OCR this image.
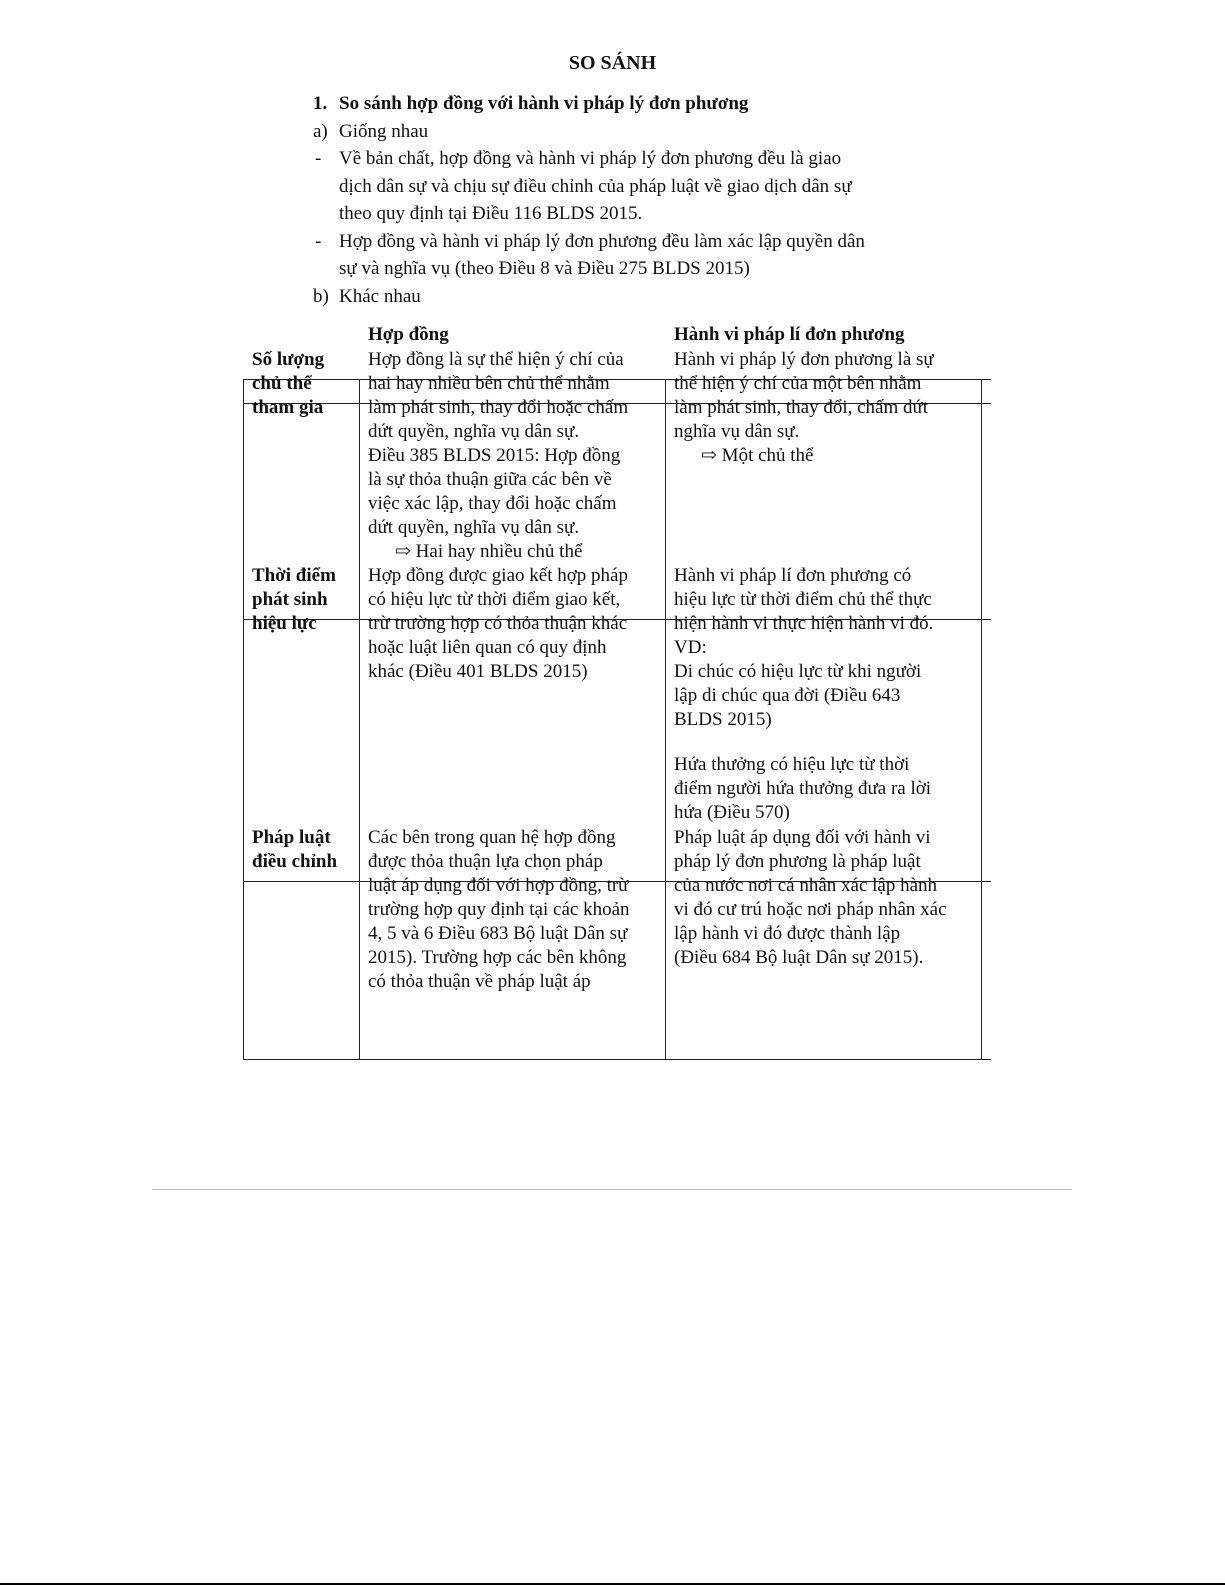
SO SÁNH
1. So sánh hợp đồng với hành vi pháp lý đơn phương
a) Giống nhau
- Về bản chất, hợp đồng và hành vi pháp lý đơn phương đều là giao
dịch dân sự và chịu sự điều chỉnh của pháp luật về giao dịch dân sự
theo quy định tại Điều 116 BLDS 2015.
- Hợp đồng và hành vi pháp lý đơn phương đều làm xác lập quyền dân
sự và nghĩa vụ (theo Điều 8 và Điều 275 BLDS 2015)
b) Khác nhau
Hợp đồng	Hành vi pháp lí đơn phương
Số lượng
chủ thể
tham gia
Hợp đồng là sự thể hiện ý chí của
hai hay nhiều bên chủ thể nhằm
làm phát sinh, thay đổi hoặc chấm
dứt quyền, nghĩa vụ dân sự.
Điều 385 BLDS 2015: Hợp đồng
là sự thỏa thuận giữa các bên về
việc xác lập, thay đổi hoặc chấm
dứt quyền, nghĩa vụ dân sự.
⇨ Hai hay nhiều chủ thể
Hành vi pháp lý đơn phương là sự
thể hiện ý chí của một bên nhằm
làm phát sinh, thay đổi, chấm dứt
nghĩa vụ dân sự.
⇨ Một chủ thể
Thời điểm
phát sinh
hiệu lực
Hợp đồng được giao kết hợp pháp
có hiệu lực từ thời điểm giao kết,
trừ trường hợp có thỏa thuận khác
hoặc luật liên quan có quy định
khác (Điều 401 BLDS 2015)
Hành vi pháp lí đơn phương có
hiệu lực từ thời điểm chủ thể thực
hiện hành vi thực hiện hành vi đó.
VD:
Di chúc có hiệu lực từ khi người
lập di chúc qua đời (Điều 643
BLDS 2015)
Hứa thưởng có hiệu lực từ thời
điểm người hứa thưởng đưa ra lời
hứa (Điều 570)
Pháp luật
điều chỉnh
Các bên trong quan hệ hợp đồng
được thỏa thuận lựa chọn pháp
luật áp dụng đối với hợp đồng, trừ
trường hợp quy định tại các khoản
4, 5 và 6 Điều 683 Bộ luật Dân sự
2015). Trường hợp các bên không
có thỏa thuận về pháp luật áp
Pháp luật áp dụng đối với hành vi
pháp lý đơn phương là pháp luật
của nước nơi cá nhân xác lập hành
vi đó cư trú hoặc nơi pháp nhân xác
lập hành vi đó được thành lập
(Điều 684 Bộ luật Dân sự 2015).
